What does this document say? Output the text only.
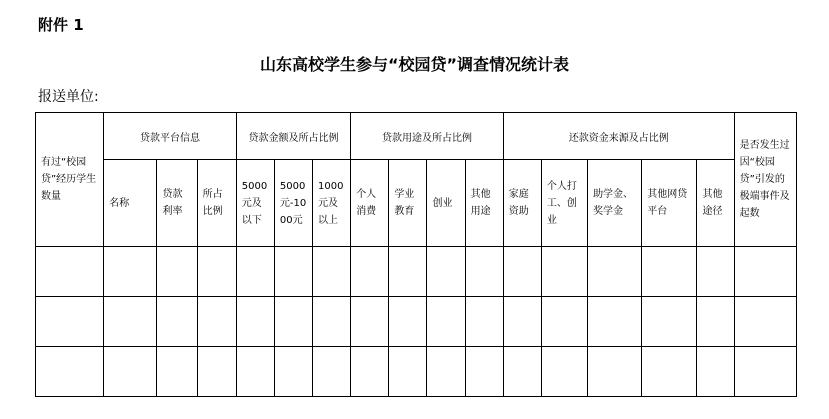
附件 1
山东高校学生参与“校园贷”调查情况统计表
报送单位:
有过“校园贷”经历学生数量	贷款平台信息			贷款金额及所占比例			贷款用途及所占比例				还款资金来源及占比例					是否发生过因“校园贷”引发的极端事件及起数

	名称	贷款利率	所占比例	5000元及以下	5000元-1000元	1000元及以上	个人消费	学业教育	创业	其他用途	家庭资助	个人打工、创业	助学金、奖学金	其他网贷平台	其他途径	
